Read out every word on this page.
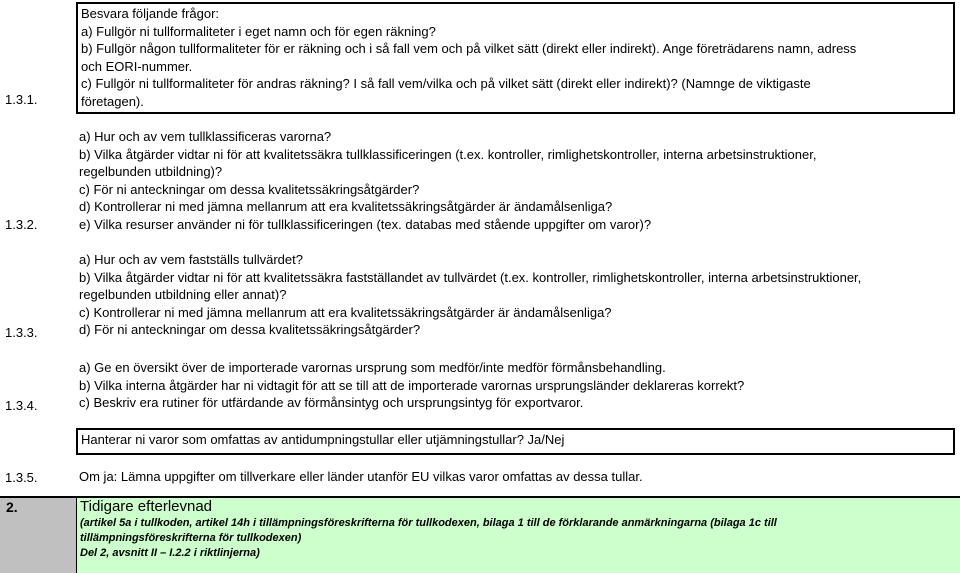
1.3.1.
Besvara följande frågor:
a) Fullgör ni tullformaliteter i eget namn och för egen räkning?
b) Fullgör någon tullformaliteter för er räkning och i så fall vem och på vilket sätt (direkt eller indirekt). Ange företrädarens namn, adress
och EORI-nummer.
c) Fullgör ni tullformaliteter för andras räkning? I så fall vem/vilka och på vilket sätt (direkt eller indirekt)? (Namnge de viktigaste
företagen).
1.3.2.
a) Hur och av vem tullklassificeras varorna?
b) Vilka åtgärder vidtar ni för att kvalitetssäkra tullklassificeringen (t.ex. kontroller, rimlighetskontroller, interna arbetsinstruktioner,
regelbunden utbildning)?
c) För ni anteckningar om dessa kvalitetssäkringsåtgärder?
d) Kontrollerar ni med jämna mellanrum att era kvalitetssäkringsåtgärder är ändamålsenliga?
e) Vilka resurser använder ni för tullklassificeringen (tex. databas med stående uppgifter om varor)?
1.3.3.
a) Hur och av vem fastställs tullvärdet?
b) Vilka åtgärder vidtar ni för att kvalitetssäkra fastställandet av tullvärdet (t.ex. kontroller, rimlighetskontroller, interna arbetsinstruktioner,
regelbunden utbildning eller annat)?
c) Kontrollerar ni med jämna mellanrum att era kvalitetssäkringsåtgärder är ändamålsenliga?
d) För ni anteckningar om dessa kvalitetssäkringsåtgärder?
1.3.4.
a) Ge en översikt över de importerade varornas ursprung som medför/inte medför förmånsbehandling.
b) Vilka interna åtgärder har ni vidtagit för att se till att de importerade varornas ursprungsländer deklareras korrekt?
c) Beskriv era rutiner för utfärdande av förmånsintyg och ursprungsintyg för exportvaror.
Hanterar ni varor som omfattas av antidumpningstullar eller utjämningstullar? Ja/Nej
1.3.5.	Om ja: Lämna uppgifter om tillverkare eller länder utanför EU vilkas varor omfattas av dessa tullar.
2.	Tidigare efterlevnad
(artikel 5a i tullkoden, artikel 14h i tillämpningsföreskrifterna för tullkodexen, bilaga 1 till de förklarande anmärkningarna (bilaga 1c till
tillämpningsföreskrifterna för tullkodexen)
Del 2, avsnitt II – I.2.2 i riktlinjerna)
